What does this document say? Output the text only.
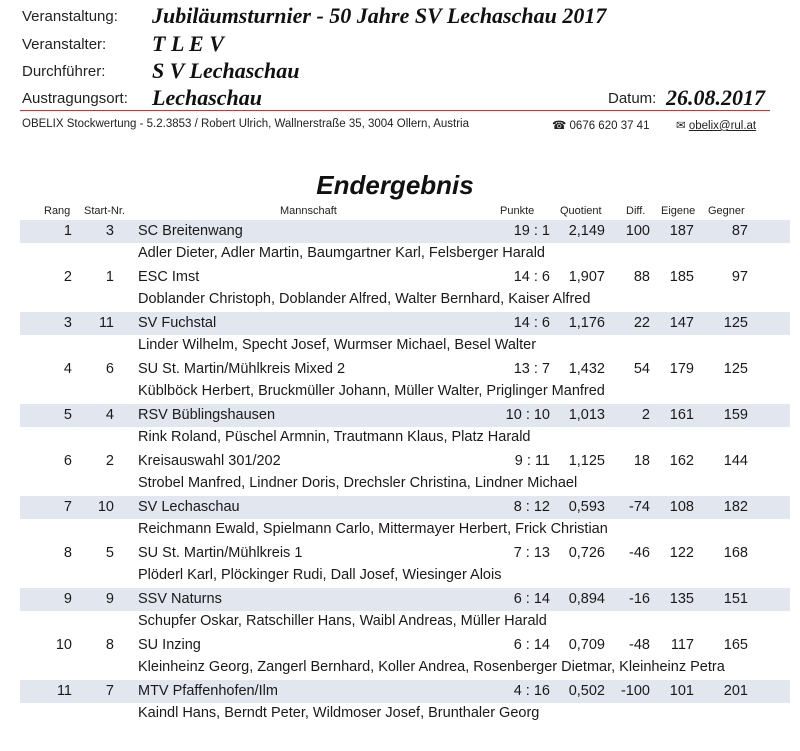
Veranstaltung: Jubiläumsturnier - 50 Jahre SV Lechaschau 2017
Veranstalter: T L E V
Durchführer: S V Lechaschau
Austragungsort: Lechaschau	Datum: 26.08.2017
OBELIX Stockwertung - 5.2.3853 / Robert Ulrich, Wallnerstraße 35, 3004 Ollern, Austria	☎ 0676 620 37 41 ✉ obelix@rul.at
Endergebnis
Rang Start-Nr.	Mannschaft	Punkte Quotient Diff. Eigene Gegner
1	3 SC Breitenwang	19 : 1	2,149	100	187	87
Adler Dieter, Adler Martin, Baumgartner Karl, Felsberger Harald
2	1 ESC Imst	14 : 6	1,907	88	185	97
Doblander Christoph, Doblander Alfred, Walter Bernhard, Kaiser Alfred
3	11 SV Fuchstal	14 : 6	1,176	22	147	125
Linder Wilhelm, Specht Josef, Wurmser Michael, Besel Walter
4	6 SU St. Martin/Mühlkreis Mixed 2	13 : 7	1,432	54	179	125
Küblböck Herbert, Bruckmüller Johann, Müller Walter, Priglinger Manfred
5	4 RSV Büblingshausen	10 : 10	1,013	2	161	159
Rink Roland, Püschel Armnin, Trautmann Klaus, Platz Harald
6	2 Kreisauswahl 301/202	9 : 11	1,125	18	162	144
Strobel Manfred, Lindner Doris, Drechsler Christina, Lindner Michael
7	10 SV Lechaschau	8 : 12	0,593	-74	108	182
Reichmann Ewald, Spielmann Carlo, Mittermayer Herbert, Frick Christian
8	5 SU St. Martin/Mühlkreis 1	7 : 13	0,726	-46	122	168
Plöderl Karl, Plöckinger Rudi, Dall Josef, Wiesinger Alois
9	9 SSV Naturns	6 : 14	0,894	-16	135	151
Schupfer Oskar, Ratschiller Hans, Waibl Andreas, Müller Harald
10	8 SU Inzing	6 : 14	0,709	-48	117	165
Kleinheinz Georg, Zangerl Bernhard, Koller Andrea, Rosenberger Dietmar, Kleinheinz Petra
11	7 MTV Pfaffenhofen/Ilm	4 : 16	0,502	-100	101	201
Kaindl Hans, Berndt Peter, Wildmoser Josef, Brunthaler Georg
